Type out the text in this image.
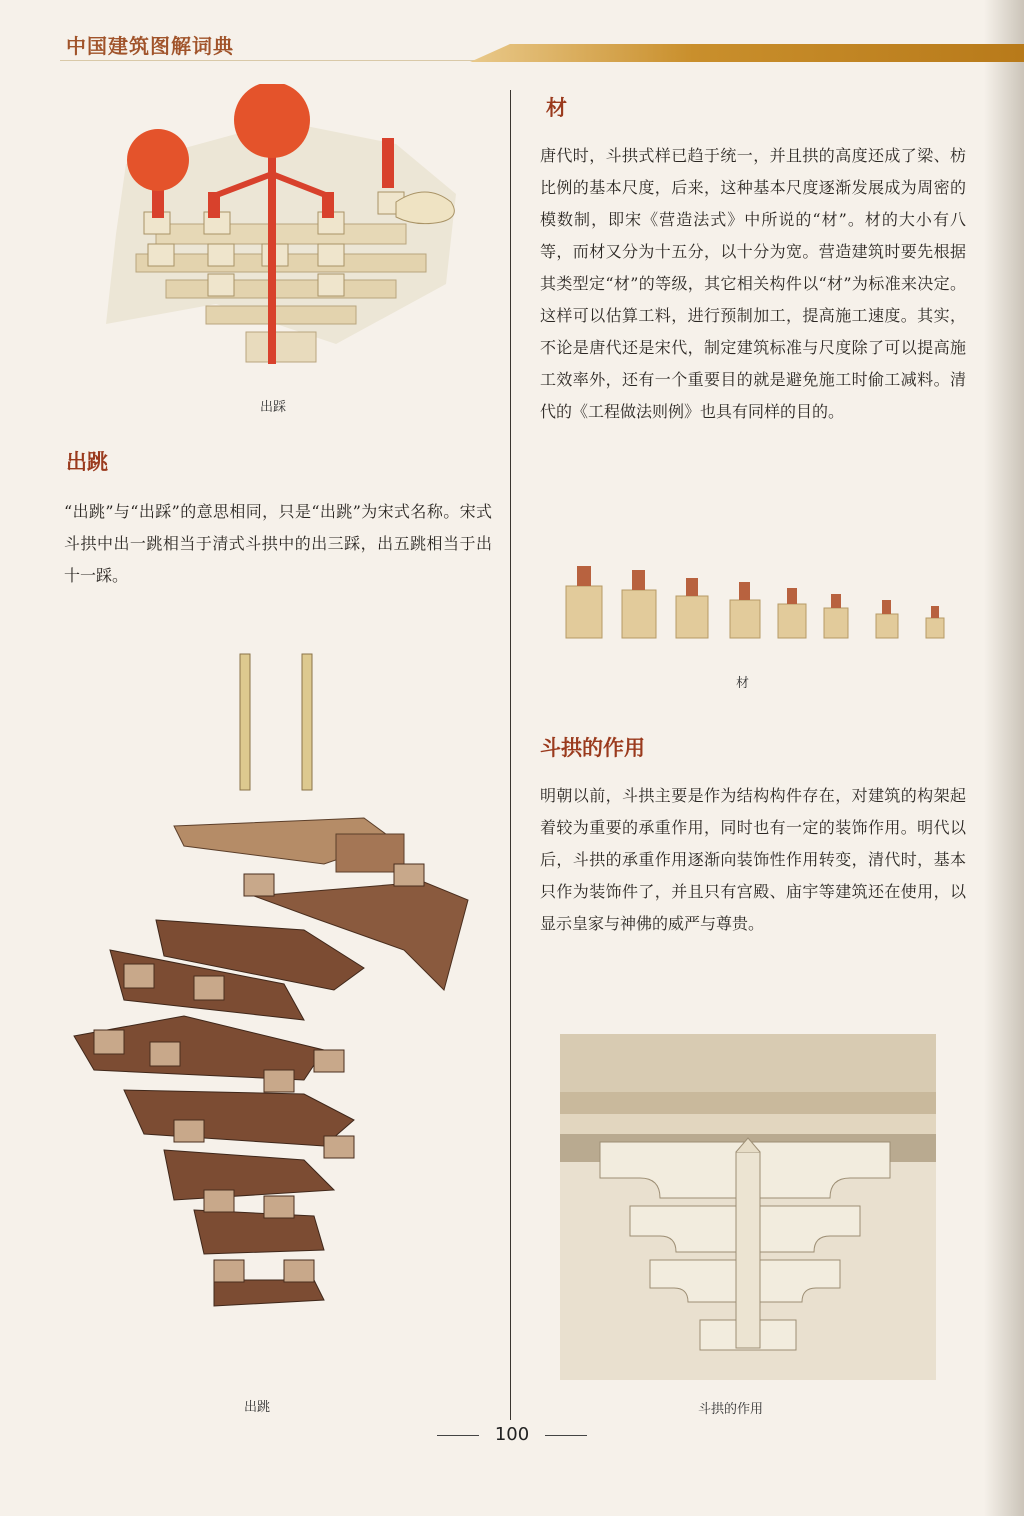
中国建筑图解词典
出踩
出跳
“出跳”与“出踩”的意思相同，只是“出跳”为宋式名称。宋式斗拱中出一跳相当于清式斗拱中的出三踩，出五跳相当于出十一踩。
出跳
材
唐代时，斗拱式样已趋于统一，并且拱的高度还成了梁、枋比例的基本尺度，后来，这种基本尺度逐渐发展成为周密的模数制，即宋《营造法式》中所说的“材”。材的大小有八等，而材又分为十五分，以十分为宽。营造建筑时要先根据其类型定“材”的等级，其它相关构件以“材”为标准来决定。这样可以估算工料，进行预制加工，提高施工速度。其实，不论是唐代还是宋代，制定建筑标准与尺度除了可以提高施工效率外，还有一个重要目的就是避免施工时偷工减料。清代的《工程做法则例》也具有同样的目的。
材
斗拱的作用
明朝以前，斗拱主要是作为结构构件存在，对建筑的构架起着较为重要的承重作用，同时也有一定的装饰作用。明代以后，斗拱的承重作用逐渐向装饰性作用转变，清代时，基本只作为装饰件了，并且只有宫殿、庙宇等建筑还在使用，以显示皇家与神佛的威严与尊贵。
斗拱的作用
100
